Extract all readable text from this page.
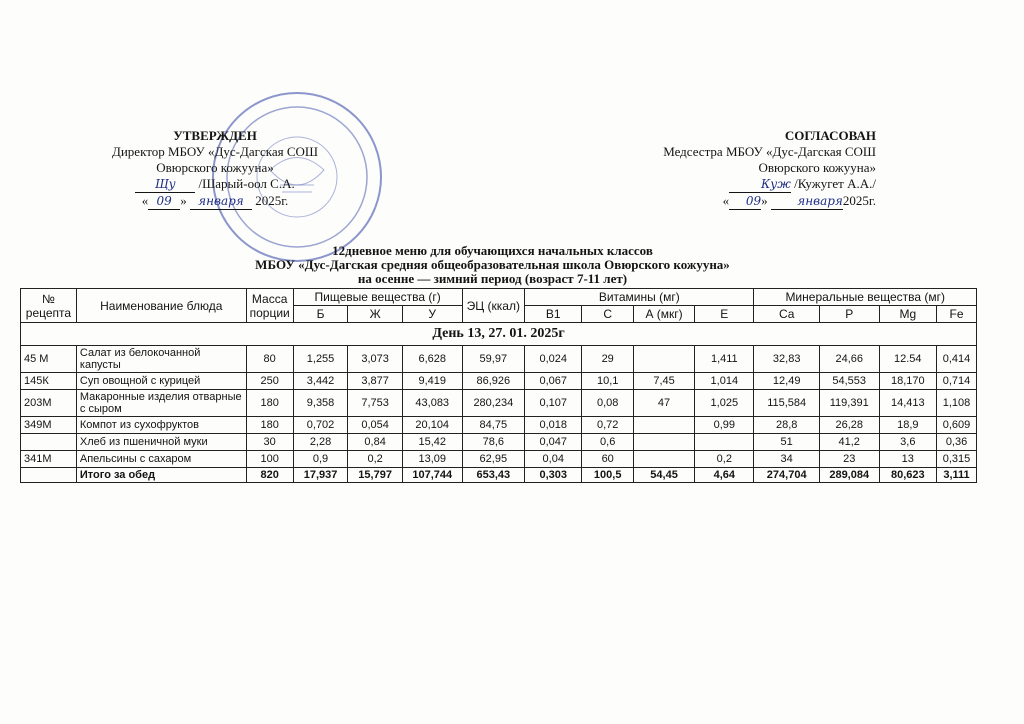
УТВЕРЖДЕН
Директор МБОУ «Дус-Дагская СОШ
Овюрского кожууна»
Щу /Шарый-оол С.А.
« 09 » января 2025г.
СОГЛАСОВАН
Медсестра МБОУ «Дус-Дагская СОШ
Овюрского кожууна»
Куж /Кужугет А.А./
« 09» января2025г.
12дневное меню для обучающихся начальных классов
МБОУ «Дус-Дагская средняя общеобразовательная школа Овюрского кожууна»
на осенне — зимний период (возраст 7-11 лет)
№ рецепта	Наименование блюда	Масса порции	Пищевые вещества (г)			ЭЦ (ккал)	Витамины (мг)				Минеральные вещества (мг)			
			Б	Ж	У		В1	С	А (мкг)	Е	Са	Р	Mg	Fe
День 13, 27. 01. 2025г														
45 М	Салат из белокочанной капусты	80	1,255	3,073	6,628	59,97	0,024	29		1,411	32,83	24,66	12.54	0,414
145К	Суп овощной с курицей	250	3,442	3,877	9,419	86,926	0,067	10,1	7,45	1,014	12,49	54,553	18,170	0,714
203М	Макаронные изделия отварные с сыром	180	9,358	7,753	43,083	280,234	0,107	0,08	47	1,025	115,584	119,391	14,413	1,108
349М	Компот из сухофруктов	180	0,702	0,054	20,104	84,75	0,018	0,72		0,99	28,8	26,28	18,9	0,609
	Хлеб из пшеничной муки	30	2,28	0,84	15,42	78,6	0,047	0,6			51	41,2	3,6	0,36
341М	Апельсины с сахаром	100	0,9	0,2	13,09	62,95	0,04	60		0,2	34	23	13	0,315
	Итого за обед	820	17,937	15,797	107,744	653,43	0,303	100,5	54,45	4,64	274,704	289,084	80,623	3,111
